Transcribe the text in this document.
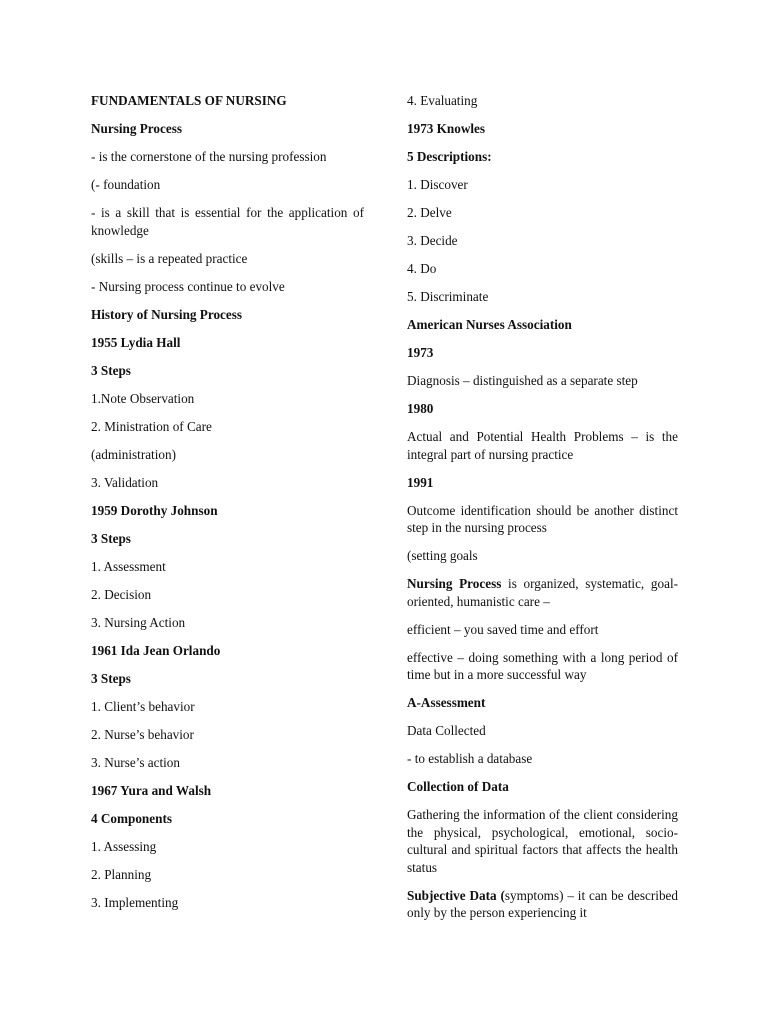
FUNDAMENTALS OF NURSING

Nursing Process

- is the cornerstone of the nursing profession

(- foundation

- is a skill that is essential for the application of knowledge

(skills – is a repeated practice

- Nursing process continue to evolve

History of Nursing Process

1955 Lydia Hall

3 Steps

1.Note Observation

2. Ministration of Care

(administration)

3. Validation

1959 Dorothy Johnson

3 Steps

1. Assessment

2. Decision

3. Nursing Action

1961 Ida Jean Orlando

3 Steps

1. Client’s behavior

2. Nurse’s behavior

3. Nurse’s action

1967 Yura and Walsh

4 Components

1. Assessing

2. Planning

3. Implementing

4. Evaluating

1973 Knowles

5 Descriptions:

1. Discover

2. Delve

3. Decide

4. Do

5. Discriminate

American Nurses Association

1973

Diagnosis – distinguished as a separate step

1980

Actual and Potential Health Problems – is the integral part of nursing practice

1991

Outcome identification should be another distinct step in the nursing process

(setting goals

Nursing Process is organized, systematic, goal-oriented, humanistic care –

efficient – you saved time and effort

effective – doing something with a long period of time but in a more successful way

A-Assessment

Data Collected

- to establish a database

Collection of Data

Gathering the information of the client considering the physical, psychological, emotional, socio-cultural and spiritual factors that affects the health status

Subjective Data (symptoms) – it can be described only by the person experiencing it
